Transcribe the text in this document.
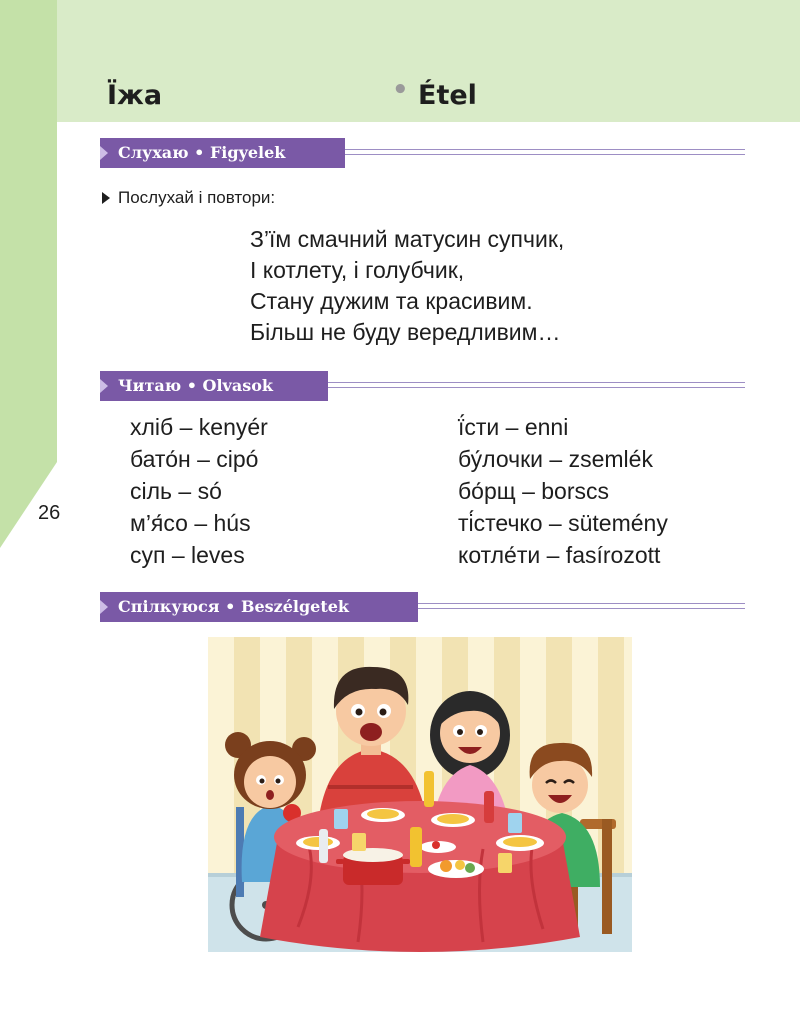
Їжа	• Étel
Слухаю • Figyelek
Послухай і повтори:
З’їм смачний матусин супчик,
І котлету, і голубчик,
Стану дужим та красивим.
Більш не буду вередливим…
Читаю • Olvasok
хліб – kenyér
бато́н – cipó
сіль – só
м’я́со – hús
суп – leves
ї́сти – enni
бу́лочки – zsemlék
бо́рщ – borscs
ті́стечко – sütemény
котле́ти – fasírozott
26
Спілкуюся • Beszélgetek
